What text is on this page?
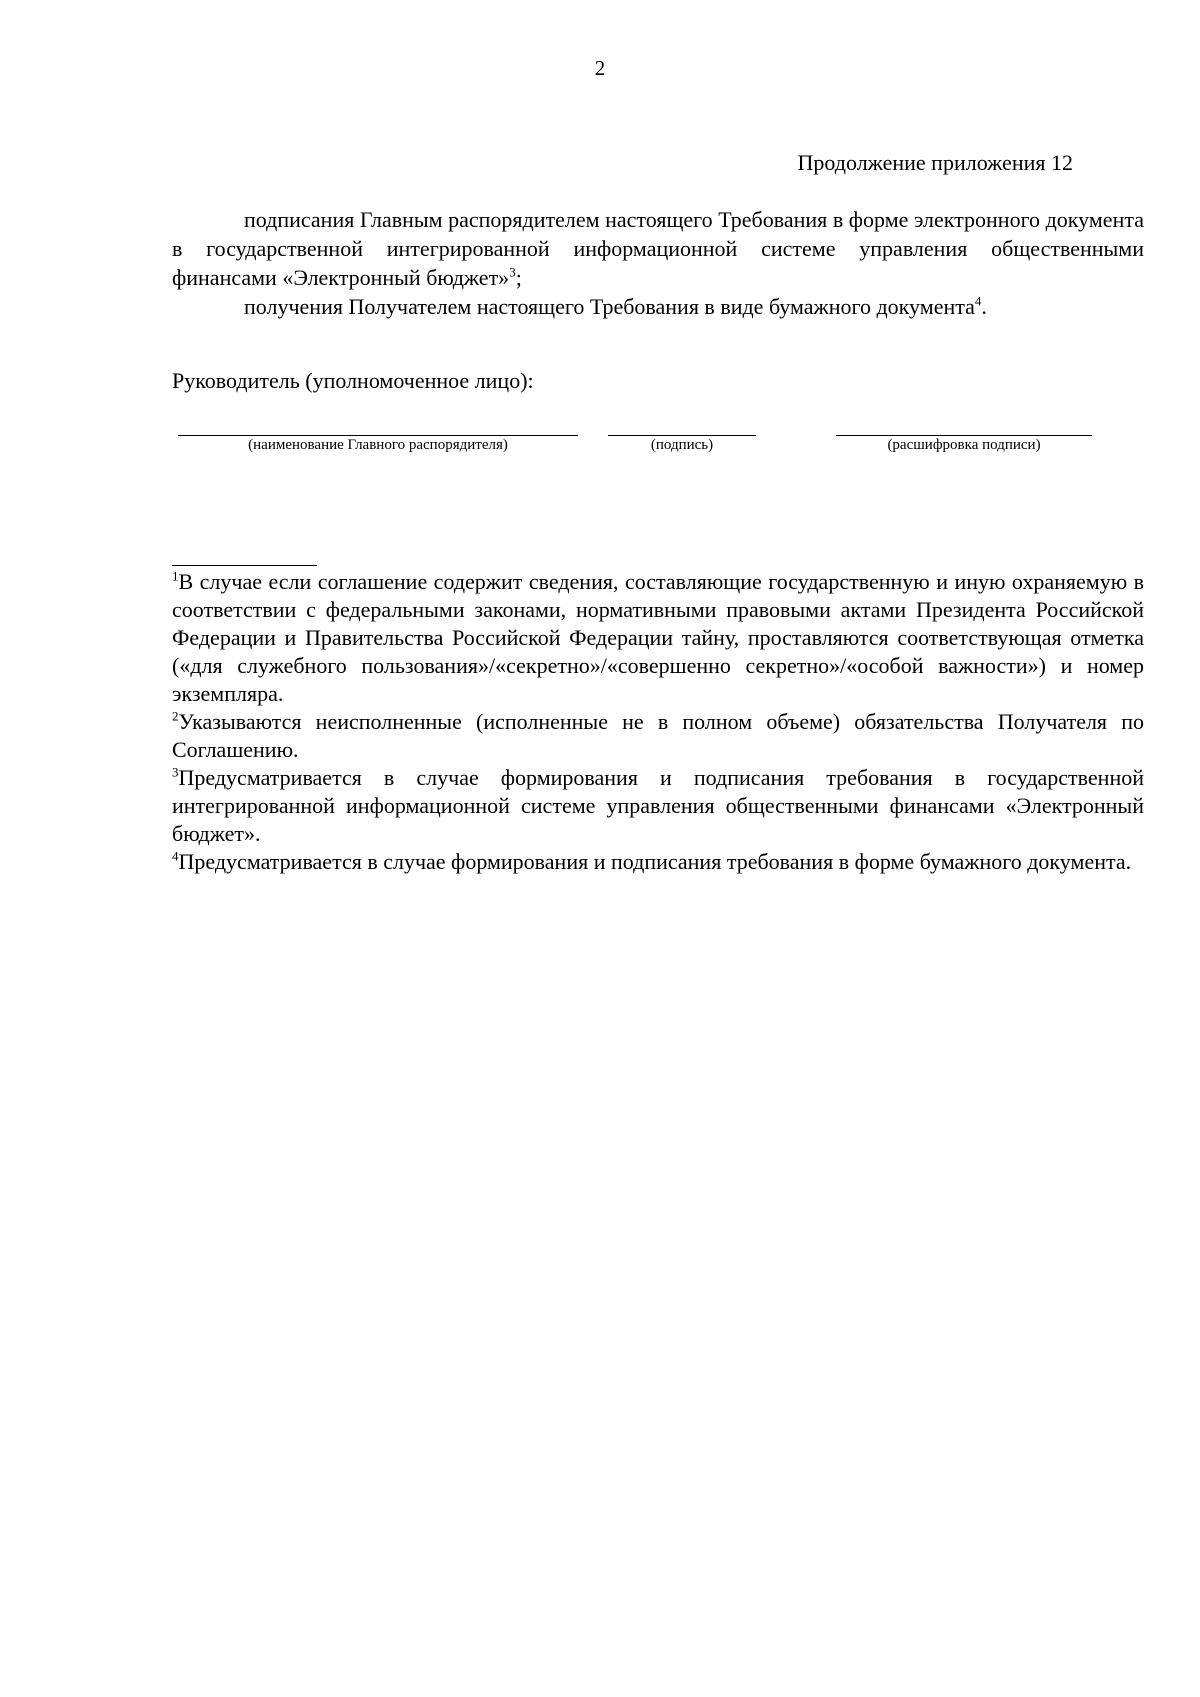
2
Продолжение приложения 12

подписания Главным распорядителем настоящего Требования в форме электронного документа в государственной интегрированной информационной системе управления общественными финансами «Электронный бюджет»$^3$;

получения Получателем настоящего Требования в виде бумажного документа$^4$.

Руководитель (уполномоченное лицо):
(наименование Главного распорядителя)	(подпись)	(расшифровка подписи)

$^1$В случае если соглашение содержит сведения, составляющие государственную и иную охраняемую в соответствии с федеральными законами, нормативными правовыми актами Президента Российской Федерации и Правительства Российской Федерации тайну, проставляются соответствующая отметка («для служебного пользования»/«секретно»/«совершенно секретно»/«особой важности») и номер экземпляра.

$^2$Указываются неисполненные (исполненные не в полном объеме) обязательства Получателя по Соглашению.

$^3$Предусматривается в случае формирования и подписания требования в государственной интегрированной информационной системе управления общественными финансами «Электронный бюджет».

$^4$Предусматривается в случае формирования и подписания требования в форме бумажного документа.
